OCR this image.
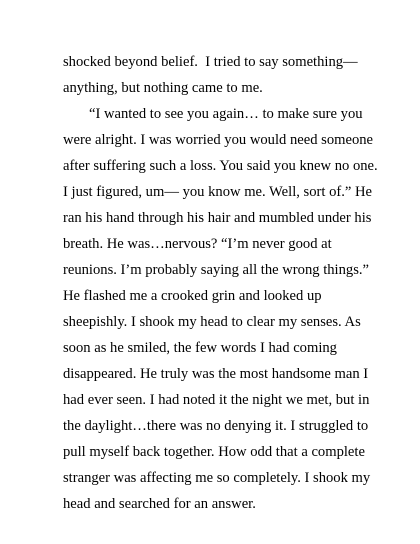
shocked beyond belief.  I tried to say something—
anything, but nothing came to me.
“I wanted to see you again… to make sure you
were alright. I was worried you would need someone
after suffering such a loss. You said you knew no one.
I just figured, um— you know me. Well, sort of.” He
ran his hand through his hair and mumbled under his
breath. He was…nervous? “I’m never good at
reunions. I’m probably saying all the wrong things.”
He flashed me a crooked grin and looked up
sheepishly. I shook my head to clear my senses. As
soon as he smiled, the few words I had coming
disappeared. He truly was the most handsome man I
had ever seen. I had noted it the night we met, but in
the daylight…there was no denying it. I struggled to
pull myself back together. How odd that a complete
stranger was affecting me so completely. I shook my
head and searched for an answer.
